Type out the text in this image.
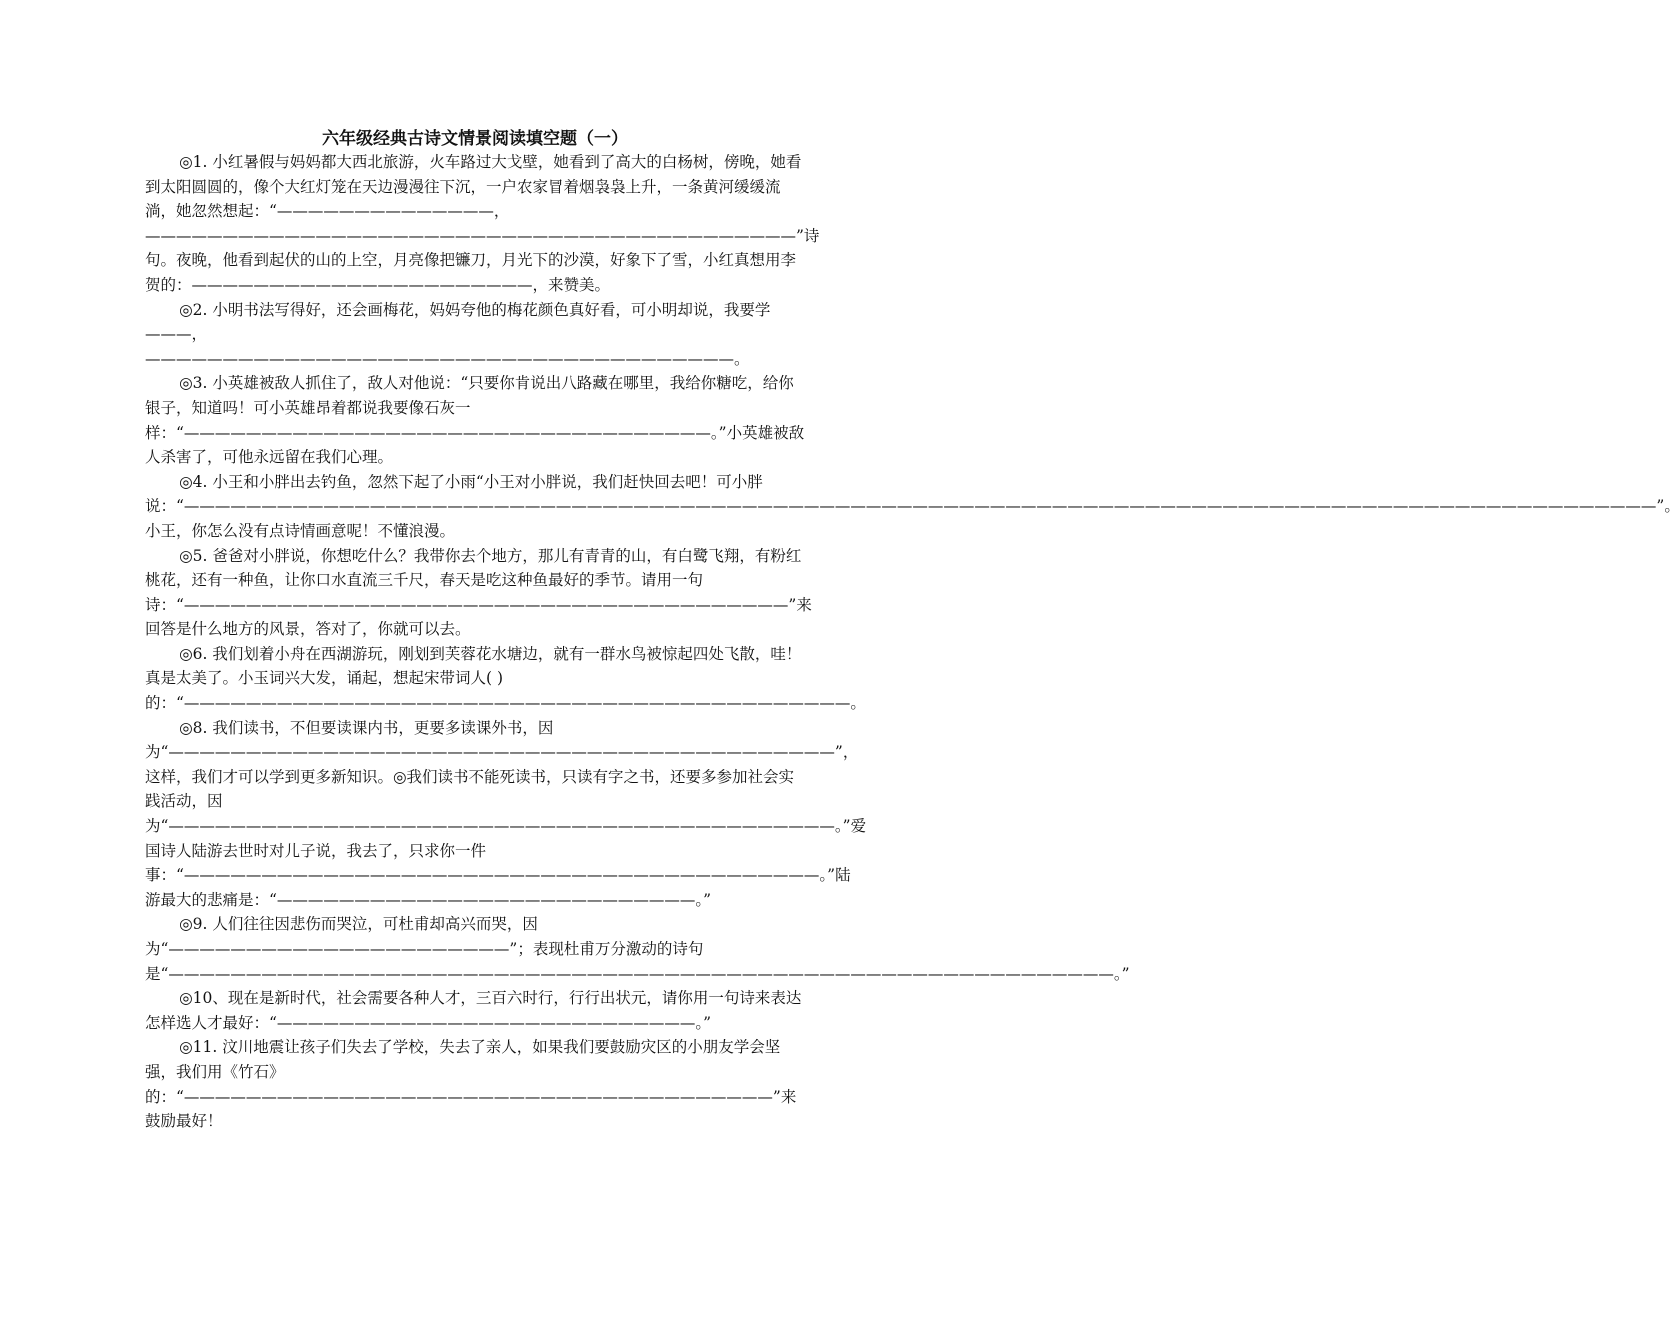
六年级经典古诗文情景阅读填空题（一）

◎1. 小红暑假与妈妈都大西北旅游，火车路过大戈壁，她看到了高大的白杨树，傍晚，她看到太阳圆圆的，像个大红灯笼在天边漫漫往下沉，一户农家冒着烟袅袅上升，一条黄河缓缓流淌，她忽然想起：“——————————————，——————————————————————————————————————————”诗句。夜晚，他看到起伏的山的上空，月亮像把镰刀，月光下的沙漠，好象下了雪，小红真想用李贺的：——————————————————————，来赞美。

◎2. 小明书法写得好，还会画梅花，妈妈夸他的梅花颜色真好看，可小明却说，我要学———，——————————————————————————————————————。

◎3. 小英雄被敌人抓住了，敌人对他说：“只要你肯说出八路藏在哪里，我给你糖吃，给你银子，知道吗！可小英雄昂着都说我要像石灰一样：“——————————————————————————————————。”小英雄被敌人杀害了，可他永远留在我们心理。

◎4. 小王和小胖出去钓鱼，忽然下起了小雨“小王对小胖说，我们赶快回去吧！可小胖说：“———————————————————————————————————————————————————————————————————————————————————————————————”。小王，你怎么没有点诗情画意呢！不懂浪漫。

◎5. 爸爸对小胖说，你想吃什么？我带你去个地方，那儿有青青的山，有白鹭飞翔，有粉红桃花，还有一种鱼，让你口水直流三千尺，春天是吃这种鱼最好的季节。请用一句诗：“———————————————————————————————————————”来回答是什么地方的风景，答对了，你就可以去。

◎6. 我们划着小舟在西湖游玩，刚划到芙蓉花水塘边，就有一群水鸟被惊起四处飞散，哇！真是太美了。小玉词兴大发，诵起，想起宋带词人( )的：“———————————————————————————————————————————。

◎8. 我们读书，不但要读课内书，更要多读课外书，因为“———————————————————————————————————————————”，这样，我们才可以学到更多新知识。◎我们读书不能死读书，只读有字之书，还要多参加社会实践活动，因为“———————————————————————————————————————————。”爱国诗人陆游去世时对儿子说，我去了，只求你一件事：“—————————————————————————————————————————。”陆游最大的悲痛是：“———————————————————————————。”

◎9. 人们往往因悲伤而哭泣，可杜甫却高兴而哭，因为“——————————————————————”；表现杜甫万分激动的诗句是“—————————————————————————————————————————————————————————————。”

◎10、现在是新时代，社会需要各种人才，三百六时行，行行出状元，请你用一句诗来表达怎样选人才最好：“———————————————————————————。”

◎11. 汶川地震让孩子们失去了学校，失去了亲人，如果我们要鼓励灾区的小朋友学会坚强，我们用《竹石》的：“——————————————————————————————————————”来鼓励最好！
